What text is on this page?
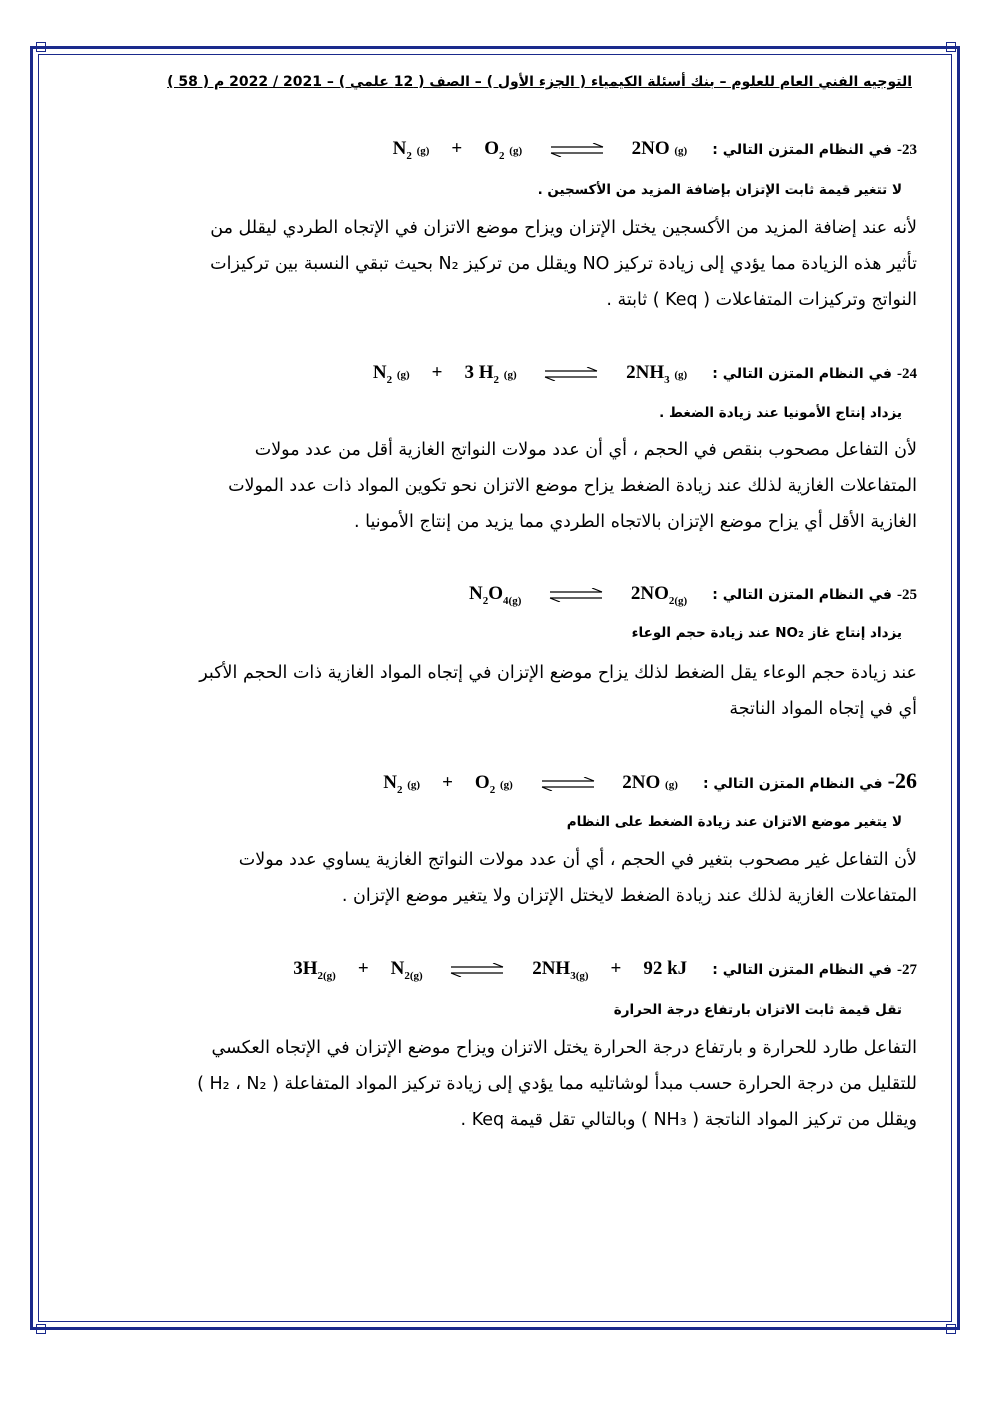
التوجيه الفني العام للعلوم – بنك أسئلة الكيمياء ( الجزء الأول ) – الصف ( 12 علمي ) – 2021 / 2022 م ( 58 )
23- في النظام المتزن التالي : $N_2$ $(g) + O_2$ (g) ⇌ 2NO (g)
لا تتغير قيمة ثابت الإتزان بإضافة المزيد من الأكسجين .
لأنه عند إضافة المزيد من الأكسجين يختل الإتزان ويزاح موضع الاتزان في الإتجاه الطردي ليقلل من
تأثير هذه الزيادة مما يؤدي إلى زيادة تركيز NO ويقلل من تركيز N₂ بحيث تبقي النسبة بين تركيزات
النواتج وتركيزات المتفاعلات ( Keq ) ثابتة .
24- في النظام المتزن التالي : $N_2$ (g) + 3 $H_2$ (g) ⇌ $2NH_3$ (g)
يزداد إنتاج الأمونيا عند زيادة الضغط .
لأن التفاعل مصحوب بنقص في الحجم ، أي أن عدد مولات النواتج الغازية أقل من عدد مولات
المتفاعلات الغازية لذلك عند زيادة الضغط يزاح موضع الاتزان نحو تكوين المواد ذات عدد المولات
الغازية الأقل أي يزاح موضع الإتزان بالاتجاه الطردي مما يزيد من إنتاج الأمونيا .
25- في النظام المتزن التالي : $N_2O_{4(g)}$ ⇌ $2NO_{2(g)}$
يزداد إنتاج غاز NO₂ عند زيادة حجم الوعاء
عند زيادة حجم الوعاء يقل الضغط لذلك يزاح موضع الإتزان في إتجاه المواد الغازية ذات الحجم الأكبر
أي في إتجاه المواد الناتجة
26- في النظام المتزن التالي : $N_2$ $(g) + O_2$ (g) ⇌ 2NO (g)
لا يتغير موضع الاتزان عند زيادة الضغط على النظام
لأن التفاعل غير مصحوب بتغير في الحجم ، أي أن عدد مولات النواتج الغازية يساوي عدد مولات
المتفاعلات الغازية لذلك عند زيادة الضغط لايختل الإتزان ولا يتغير موضع الإتزان .
27- في النظام المتزن التالي : $3H_{2(g)} + N_{2(g)}$ ⇌ $2NH_{3(g)} + 92$ kJ
تقل قيمة ثابت الاتزان بارتفاع درجة الحرارة
التفاعل طارد للحرارة و بارتفاع درجة الحرارة يختل الاتزان ويزاح موضع الإتزان في الإتجاه العكسي
للتقليل من درجة الحرارة حسب مبدأ لوشاتليه مما يؤدي إلى زيادة تركيز المواد المتفاعلة ( H₂ ، N₂ )
ويقلل من تركيز المواد الناتجة ( NH₃ ) وبالتالي تقل قيمة Keq .
